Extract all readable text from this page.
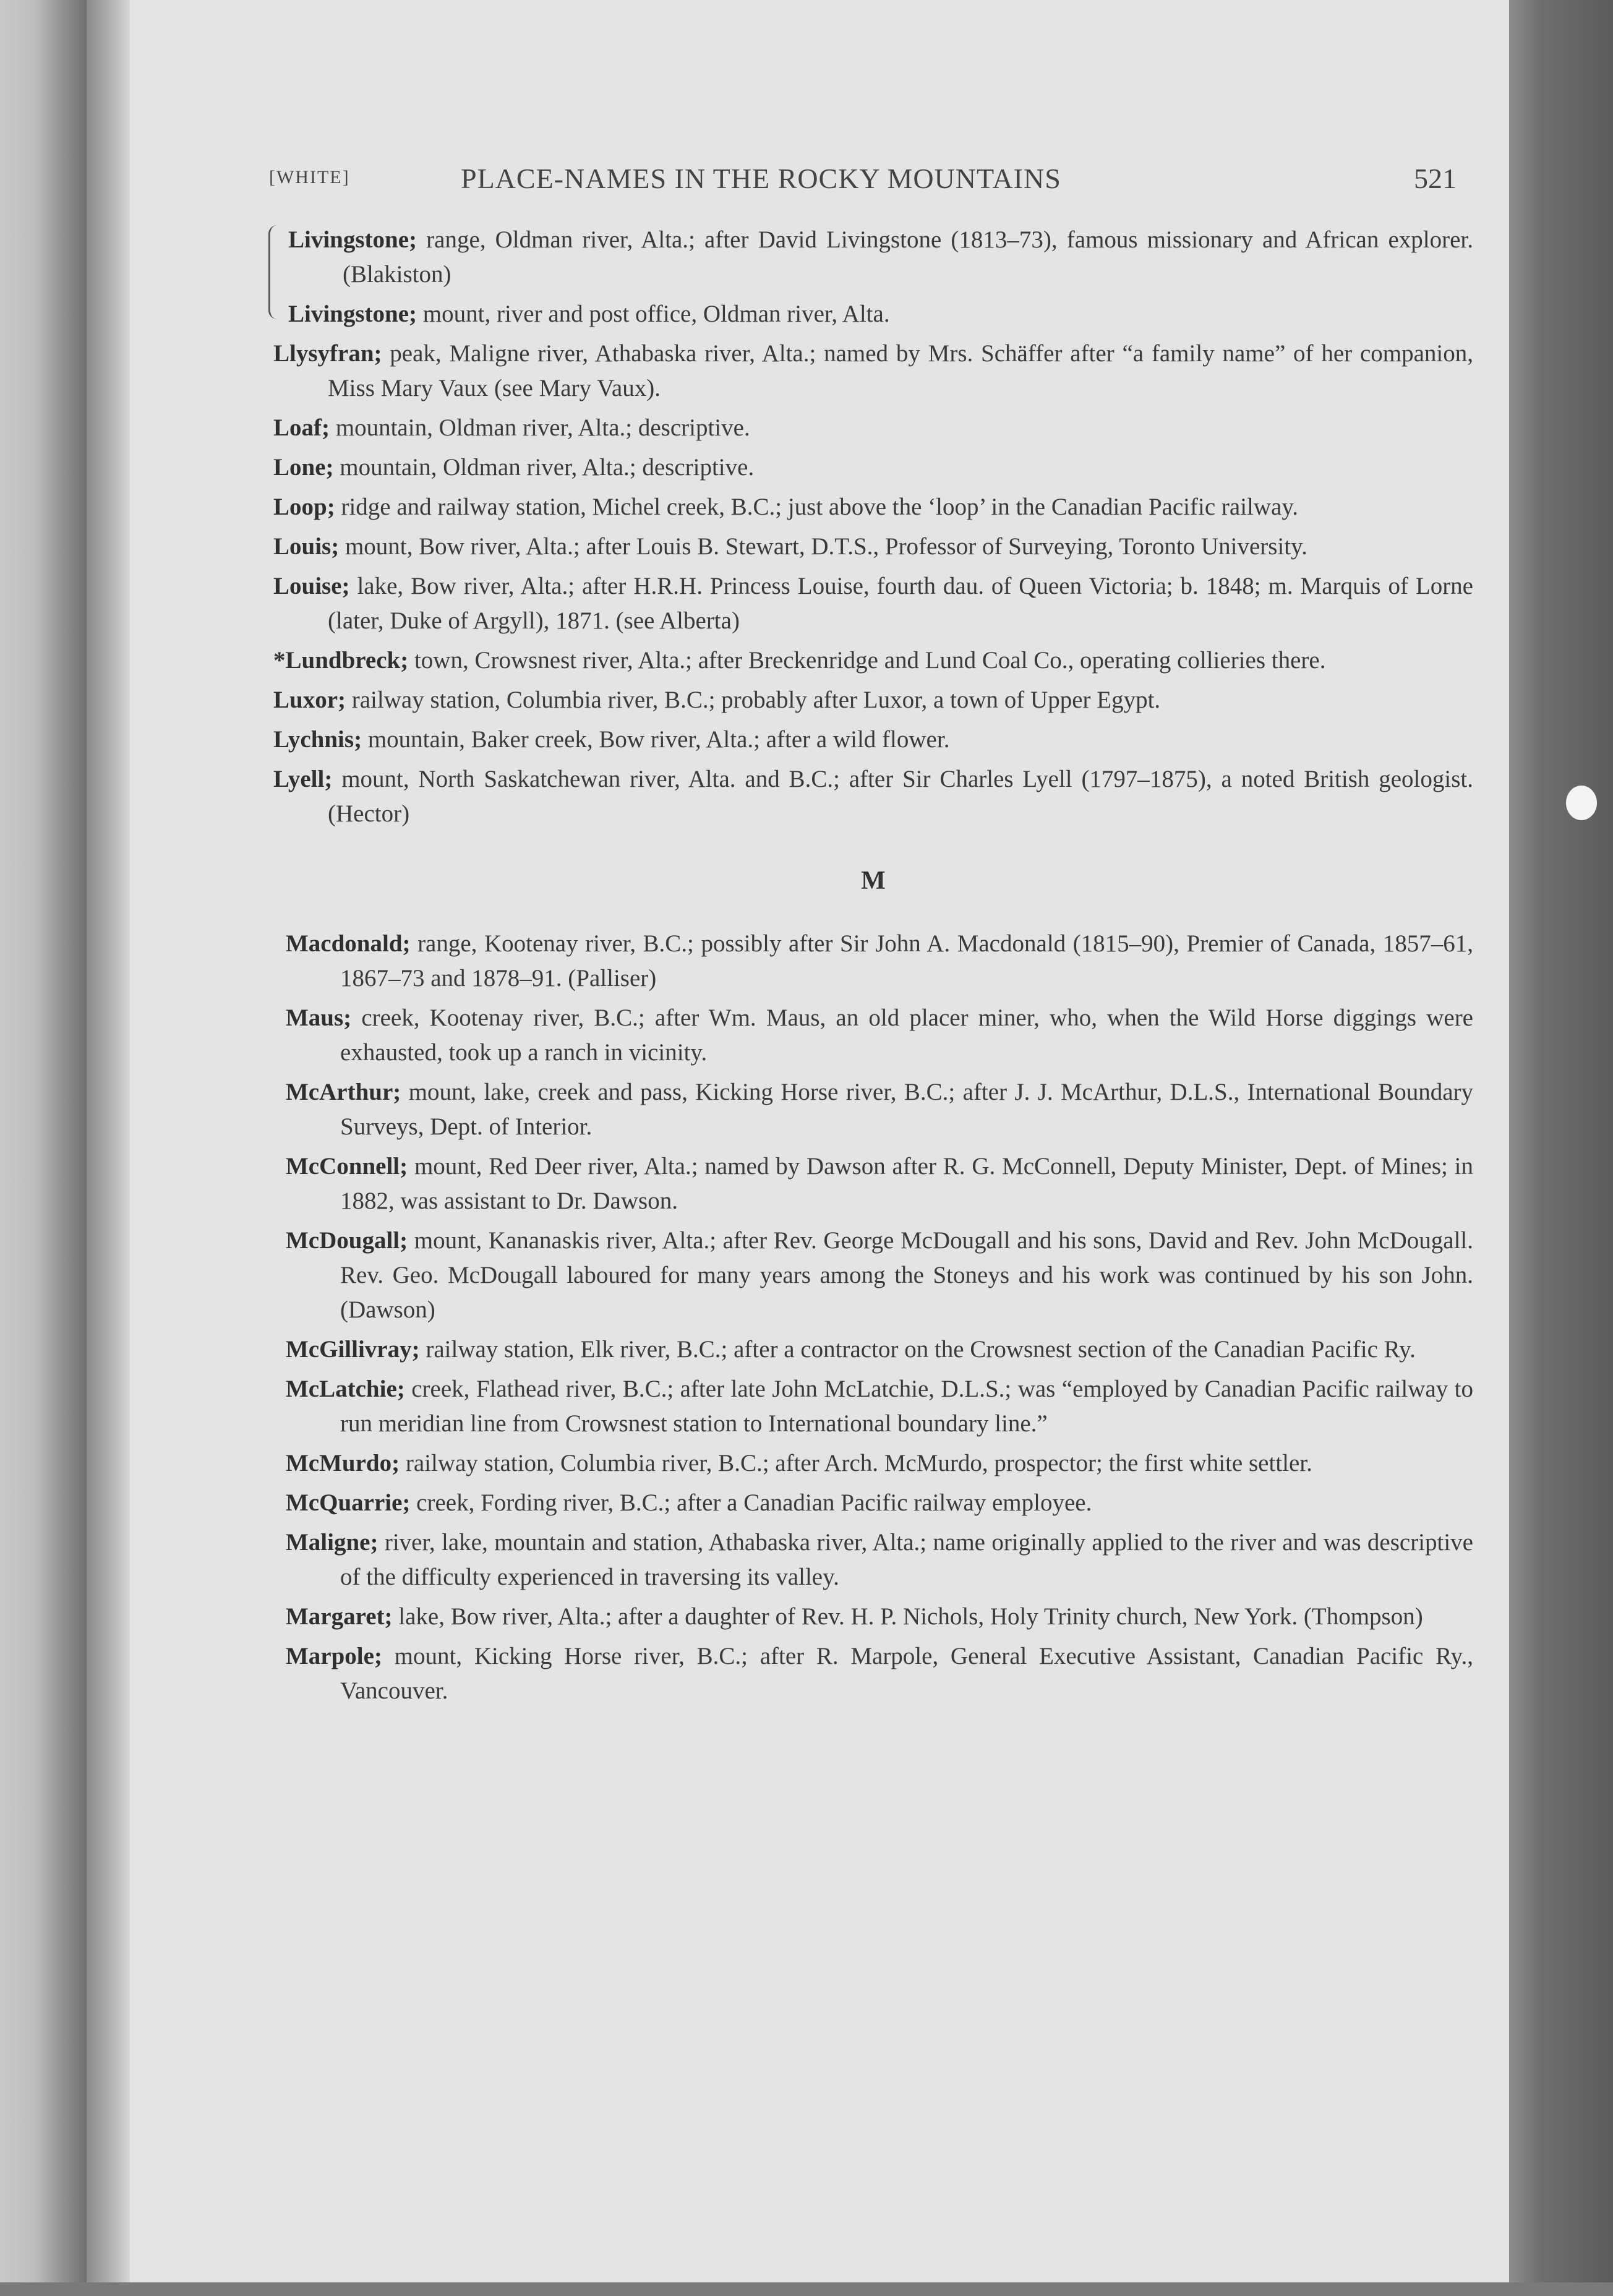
[WHITE]	PLACE-NAMES IN THE ROCKY MOUNTAINS	521

Livingstone; range, Oldman river, Alta.; after David Livingstone (1813–73), famous missionary and African explorer. (Blakiston)

Livingstone; mount, river and post office, Oldman river, Alta.

Llysyfran; peak, Maligne river, Athabaska river, Alta.; named by Mrs. Schäffer after “a family name” of her companion, Miss Mary Vaux (see Mary Vaux).

Loaf; mountain, Oldman river, Alta.; descriptive.

Lone; mountain, Oldman river, Alta.; descriptive.

Loop; ridge and railway station, Michel creek, B.C.; just above the ‘loop’ in the Canadian Pacific railway.

Louis; mount, Bow river, Alta.; after Louis B. Stewart, D.T.S., Professor of Surveying, Toronto University.

Louise; lake, Bow river, Alta.; after H.R.H. Princess Louise, fourth dau. of Queen Victoria; b. 1848; m. Marquis of Lorne (later, Duke of Argyll), 1871. (see Alberta)

*Lundbreck; town, Crowsnest river, Alta.; after Breckenridge and Lund Coal Co., operating collieries there.

Luxor; railway station, Columbia river, B.C.; probably after Luxor, a town of Upper Egypt.

Lychnis; mountain, Baker creek, Bow river, Alta.; after a wild flower.

Lyell; mount, North Saskatchewan river, Alta. and B.C.; after Sir Charles Lyell (1797–1875), a noted British geologist. (Hector)

M

Macdonald; range, Kootenay river, B.C.; possibly after Sir John A. Macdonald (1815–90), Premier of Canada, 1857–61, 1867–73 and 1878–91. (Palliser)

Maus; creek, Kootenay river, B.C.; after Wm. Maus, an old placer miner, who, when the Wild Horse diggings were exhausted, took up a ranch in vicinity.

McArthur; mount, lake, creek and pass, Kicking Horse river, B.C.; after J. J. McArthur, D.L.S., International Boundary Surveys, Dept. of Interior.

McConnell; mount, Red Deer river, Alta.; named by Dawson after R. G. McConnell, Deputy Minister, Dept. of Mines; in 1882, was assistant to Dr. Dawson.

McDougall; mount, Kananaskis river, Alta.; after Rev. George McDougall and his sons, David and Rev. John McDougall. Rev. Geo. McDougall laboured for many years among the Stoneys and his work was continued by his son John. (Dawson)

McGillivray; railway station, Elk river, B.C.; after a contractor on the Crowsnest section of the Canadian Pacific Ry.

McLatchie; creek, Flathead river, B.C.; after late John McLatchie, D.L.S.; was “employed by Canadian Pacific railway to run meridian line from Crowsnest station to International boundary line.”

McMurdo; railway station, Columbia river, B.C.; after Arch. McMurdo, prospector; the first white settler.

McQuarrie; creek, Fording river, B.C.; after a Canadian Pacific railway employee.

Maligne; river, lake, mountain and station, Athabaska river, Alta.; name originally applied to the river and was descriptive of the difficulty experienced in traversing its valley.

Margaret; lake, Bow river, Alta.; after a daughter of Rev. H. P. Nichols, Holy Trinity church, New York. (Thompson)

Marpole; mount, Kicking Horse river, B.C.; after R. Marpole, General Executive Assistant, Canadian Pacific Ry., Vancouver.
